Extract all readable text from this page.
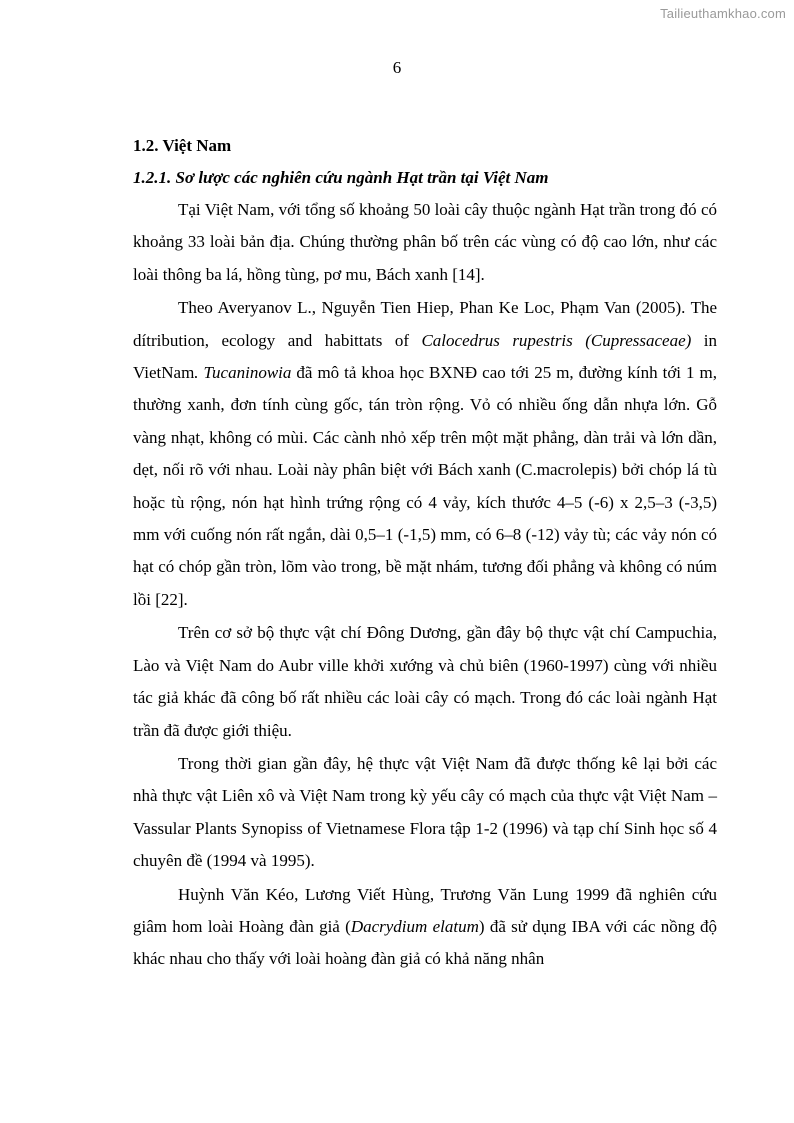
Tailieuthamkhao.com
6

1.2. Việt Nam

1.2.1. Sơ lược các nghiên cứu ngành Hạt trần tại Việt Nam

Tại Việt Nam, với tổng số khoảng 50 loài cây thuộc ngành Hạt trần trong đó có khoảng 33 loài bản địa. Chúng thường phân bố trên các vùng có độ cao lớn, như các loài thông ba lá, hồng tùng, pơ mu, Bách xanh [14].

Theo Averyanov L., Nguyễn Tien Hiep, Phan Ke Loc, Phạm Van (2005). The dítribution, ecology and habittats of Calocedrus rupestris (Cupressaceae) in VietNam. Tucaninowia đã mô tả khoa học BXNĐ cao tới 25 m, đường kính tới 1 m, thường xanh, đơn tính cùng gốc, tán tròn rộng. Vỏ có nhiều ống dẫn nhựa lớn. Gỗ vàng nhạt, không có mùi. Các cành nhỏ xếp trên một mặt phẳng, dàn trải và lớn dần, dẹt, nối rõ với nhau. Loài này phân biệt với Bách xanh (C.macrolepis) bởi chóp lá tù hoặc tù rộng, nón hạt hình trứng rộng có 4 vảy, kích thước 4–5 (-6) x 2,5–3 (-3,5) mm với cuống nón rất ngắn, dài 0,5–1 (-1,5) mm, có 6–8 (-12) vảy tù; các vảy nón có hạt có chóp gần tròn, lõm vào trong, bề mặt nhám, tương đối phẳng và không có núm lồi [22].

Trên cơ sở bộ thực vật chí Đông Dương, gần đây bộ thực vật chí Campuchia, Lào và Việt Nam do Aubr ville khởi xướng và chủ biên (1960-1997) cùng với nhiều tác giả khác đã công bố rất nhiều các loài cây có mạch. Trong đó các loài ngành Hạt trần đã được giới thiệu.

Trong thời gian gần đây, hệ thực vật Việt Nam đã được thống kê lại bởi các nhà thực vật Liên xô và Việt Nam trong kỳ yếu cây có mạch của thực vật Việt Nam – Vassular Plants Synopiss of Vietnamese Flora tập 1-2 (1996) và tạp chí Sinh học số 4 chuyên đề (1994 và 1995).

Huỳnh Văn Kéo, Lương Viết Hùng, Trương Văn Lung 1999 đã nghiên cứu giâm hom loài Hoàng đàn giả (Dacrydium elatum) đã sử dụng IBA với các nồng độ khác nhau cho thấy với loài hoàng đàn giả có khả năng nhân
